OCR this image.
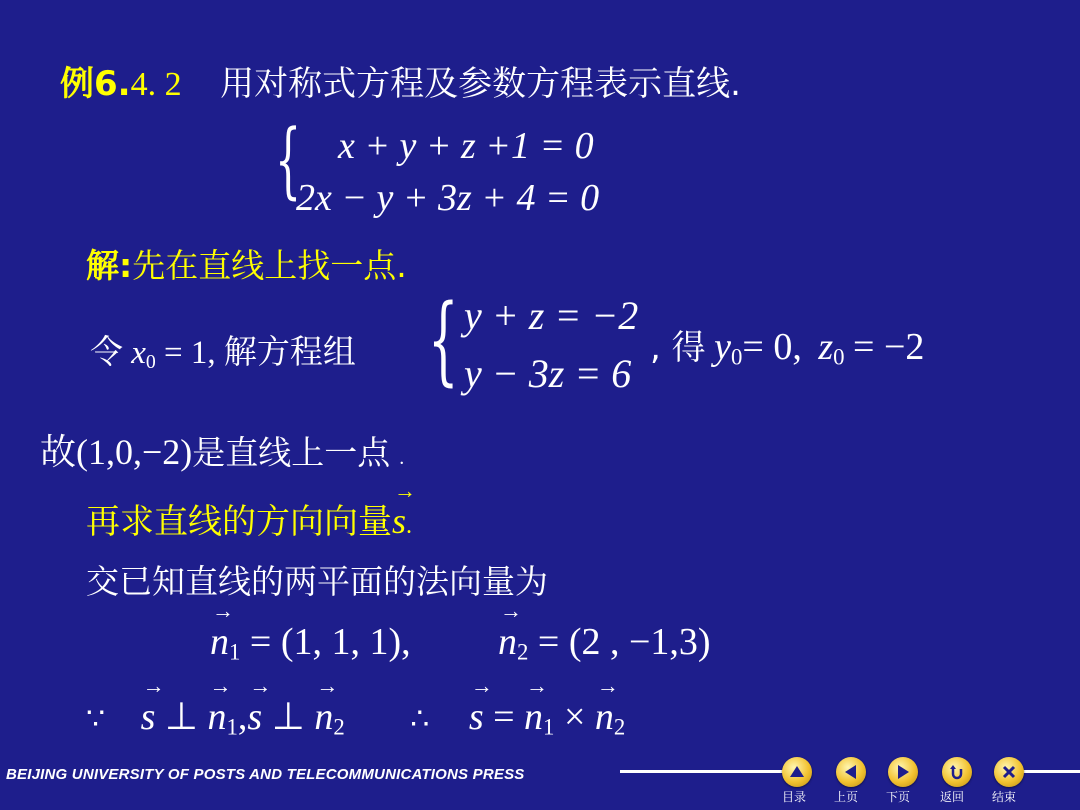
例6.4. 2 用对称式方程及参数方程表示直线.
{ x + y + z +1 = 0
2x − y + 3z + 4 = 0
解:先在直线上找一点.
令 $x_0 = 1$, 解方程组 { y + z = −2
y − 3z = 6
, 得 $y_0= 0$, $z_0 = -2$
故(1,0,−2)是直线上一点 .
再求直线的方向向量→ s.
交已知直线的两平面的法向量为
→ $n_1 = (1$, 1, 1), → $n_2 = (2$ , −1,3)
∵ → s ⊥ → $n_1,\to s$ ⊥ → $n_2$ ∴ → s = → $n_1$ × → $n_2$
BEIJING UNIVERSITY OF POSTS AND TELECOMMUNICATIONS PRESS
目录 上页 下页 返回 结束
